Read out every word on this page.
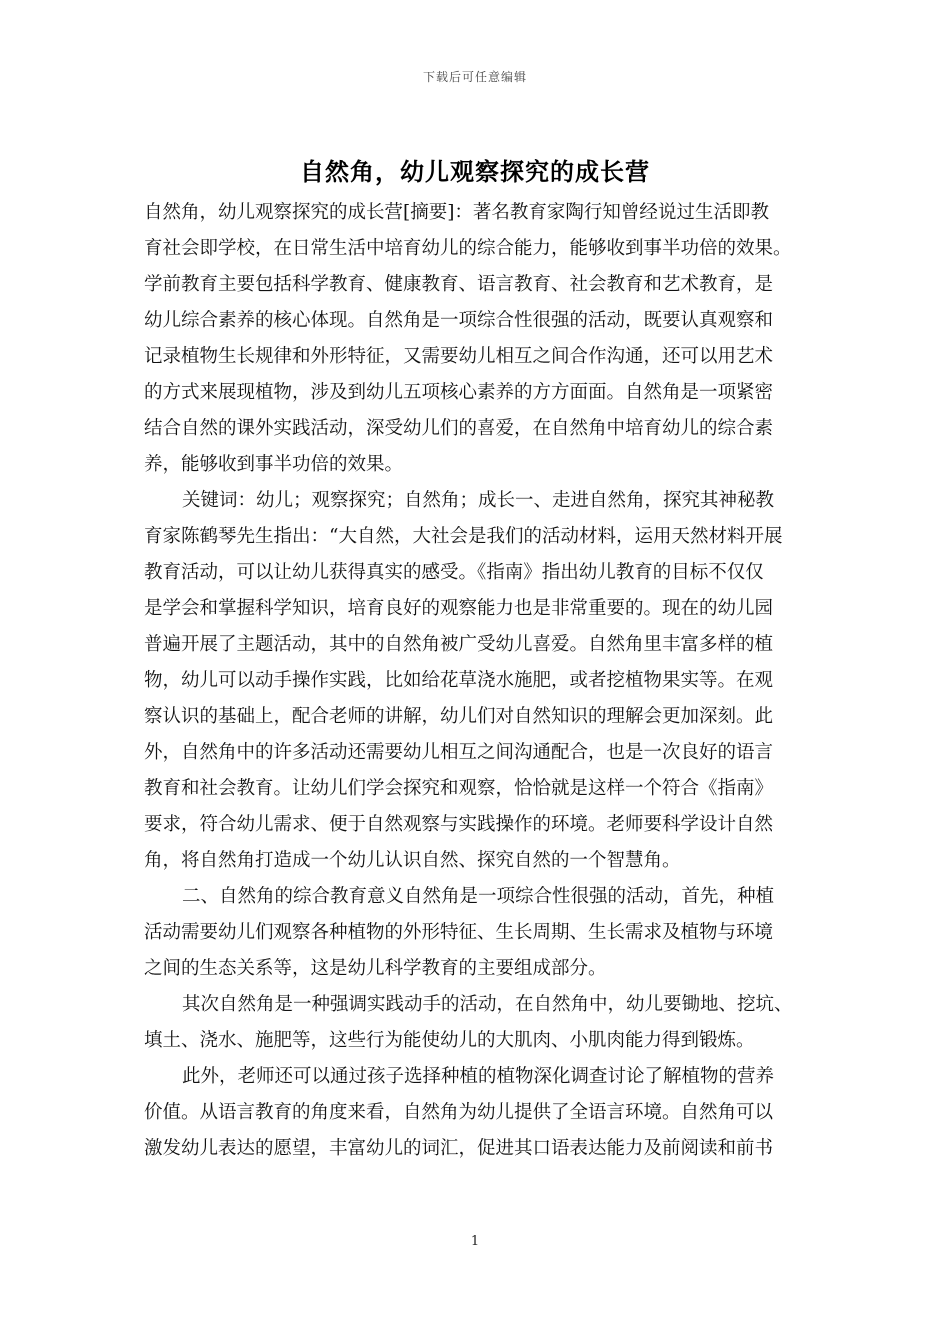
下载后可任意编辑
自然角，幼儿观察探究的成长营
自然角，幼儿观察探究的成长营[摘要]：著名教育家陶行知曾经说过生活即教
育社会即学校，在日常生活中培育幼儿的综合能力，能够收到事半功倍的效果。
学前教育主要包括科学教育、健康教育、语言教育、社会教育和艺术教育，是
幼儿综合素养的核心体现。自然角是一项综合性很强的活动，既要认真观察和
记录植物生长规律和外形特征，又需要幼儿相互之间合作沟通，还可以用艺术
的方式来展现植物，涉及到幼儿五项核心素养的方方面面。自然角是一项紧密
结合自然的课外实践活动，深受幼儿们的喜爱，在自然角中培育幼儿的综合素
养，能够收到事半功倍的效果。
关键词：幼儿；观察探究；自然角；成长一、走进自然角，探究其神秘教
育家陈鹤琴先生指出：“大自然，大社会是我们的活动材料，运用天然材料开展
教育活动，可以让幼儿获得真实的感受。《指南》指出幼儿教育的目标不仅仅
是学会和掌握科学知识，培育良好的观察能力也是非常重要的。现在的幼儿园
普遍开展了主题活动，其中的自然角被广受幼儿喜爱。自然角里丰富多样的植
物，幼儿可以动手操作实践，比如给花草浇水施肥，或者挖植物果实等。在观
察认识的基础上，配合老师的讲解，幼儿们对自然知识的理解会更加深刻。此
外，自然角中的许多活动还需要幼儿相互之间沟通配合，也是一次良好的语言
教育和社会教育。让幼儿们学会探究和观察，恰恰就是这样一个符合《指南》
要求，符合幼儿需求、便于自然观察与实践操作的环境。老师要科学设计自然
角，将自然角打造成一个幼儿认识自然、探究自然的一个智慧角。
二、自然角的综合教育意义自然角是一项综合性很强的活动，首先，种植
活动需要幼儿们观察各种植物的外形特征、生长周期、生长需求及植物与环境
之间的生态关系等，这是幼儿科学教育的主要组成部分。
其次自然角是一种强调实践动手的活动，在自然角中，幼儿要锄地、挖坑、
填土、浇水、施肥等，这些行为能使幼儿的大肌肉、小肌肉能力得到锻炼。
此外，老师还可以通过孩子选择种植的植物深化调查讨论了解植物的营养
价值。从语言教育的角度来看，自然角为幼儿提供了全语言环境。自然角可以
激发幼儿表达的愿望，丰富幼儿的词汇，促进其口语表达能力及前阅读和前书
1
